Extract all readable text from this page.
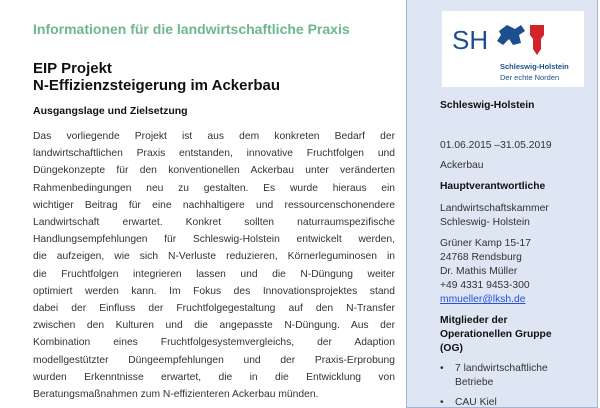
Informationen für die landwirtschaftliche Praxis
EIP Projekt
N-Effizienzsteigerung im Ackerbau
Ausgangslage und Zielsetzung
Das vorliegende Projekt ist aus dem konkreten Bedarf der
landwirtschaftlichen Praxis entstanden, innovative Fruchtfolgen und
Düngekonzepte für den konventionellen Ackerbau unter veränderten
Rahmenbedingungen neu zu gestalten. Es wurde hieraus ein
wichtiger Beitrag für eine nachhaltigere und ressourcenschonendere
Landwirtschaft erwartet. Konkret sollten naturraumspezifische
Handlungsempfehlungen für Schleswig-Holstein entwickelt werden,
die aufzeigen, wie sich N-Verluste reduzieren, Körnerleguminosen in
die Fruchtfolgen integrieren lassen und die N-Düngung weiter
optimiert werden kann. Im Fokus des Innovationsprojektes stand
dabei der Einfluss der Fruchtfolgegestaltung auf den N-Transfer
zwischen den Kulturen und die angepasste N-Düngung. Aus der
Kombination eines Fruchtfolgesystemvergleichs, der Adaption
modellgestützter Düngeempfehlungen und der Praxis-Erprobung
wurden Erkenntnisse erwartet, die in die Entwicklung von
Beratungsmaßnahmen zum N-effizienteren Ackerbau münden.
SH
Schleswig-Holstein
Der echte Norden
Schleswig-Holstein
01.06.2015 –31.05.2019
Ackerbau
Hauptverantwortliche
Landwirtschaftskammer
Schleswig- Holstein
Grüner Kamp 15-17
24768 Rendsburg
Dr. Mathis Müller
+49 4331 9453-300
mmueller@lksh.de
Mitglieder der
Operationellen Gruppe
(OG)
• 7 landwirtschaftliche
Betriebe
• CAU Kiel
